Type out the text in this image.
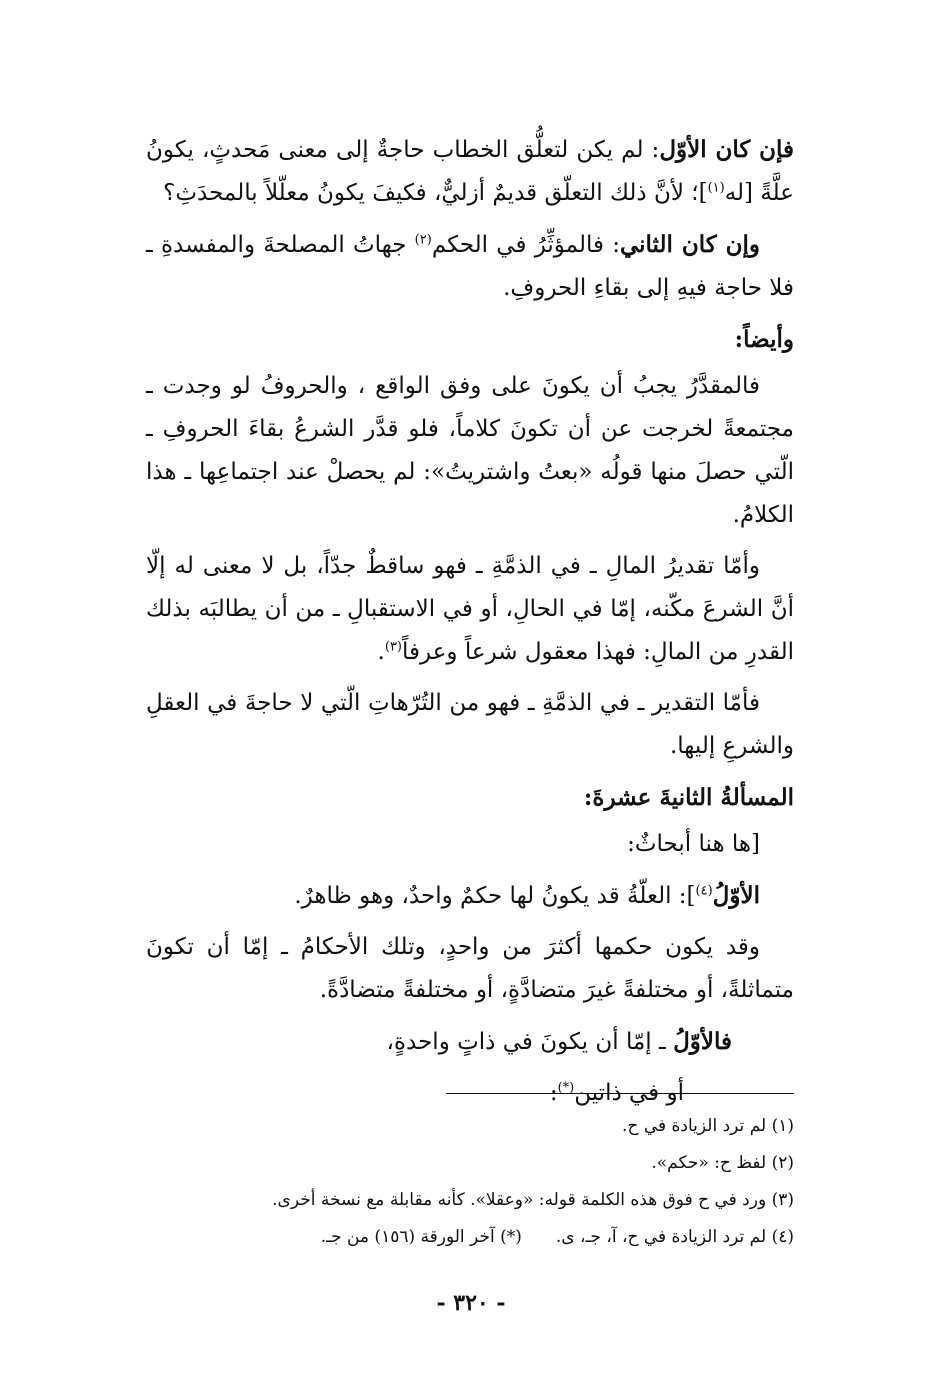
فإن كان الأوّل: لم يكن لتعلُّق الخطاب حاجةٌ إلى معنى مَحدثٍ، يكونُ علَّةً [له$^{(١)}$]؛ لأنَّ ذلك التعلّق قديمٌ أزليٌّ، فكيفَ يكونُ معلّلاً بالمحدَثِ؟

وإن كان الثاني: فالمؤثِّرُ في الحكم$^{(٢)}$ جهاتُ المصلحةَ والمفسدةِ ـ فلا حاجة فيهِ إلى بقاءِ الحروفِ.

وأيضاً:

فالمقدَّرُ يجبُ أن يكونَ على وفق الواقع ، والحروفُ لو وجدت ـ مجتمعةً لخرجت عن أن تكونَ كلاماً، فلو قدَّر الشرعُ بقاءَ الحروفِ ـ الّتي حصلَ منها قولُه «بعتُ واشتريتُ»: لم يحصلْ عند اجتماعِها ـ هذا الكلامُ.

وأمّا تقديرُ المالِ ـ في الذمَّةِ ـ فهو ساقطٌ جدّاً، بل لا معنى له إلّا أنَّ الشرعَ مكّنه، إمّا في الحالِ، أو في الاستقبالِ ـ من أن يطالبَه بذلك القدرِ من المالِ: فهذا معقول شرعاً وعرفاً$^{(٣)}$.

فأمّا التقدير ـ في الذمَّةِ ـ فهو من التُرّهاتِ الّتي لا حاجةَ في العقلِ والشرعِ إليها.

المسألةُ الثانيةَ عشرةَ:

[ها هنا أبحاثٌ:

الأوّلُ$^{(٤)}$]: العلّةُ قد يكونُ لها حكمٌ واحدٌ، وهو ظاهرٌ.

وقد يكون حكمها أكثرَ من واحدٍ، وتلك الأحكامُ ـ إمّا أن تكونَ متماثلةً، أو مختلفةً غيرَ متضادَّةٍ، أو مختلفةً متضادَّةً.

فالأوّلُ ـ إمّا أن يكونَ في ذاتٍ واحدةٍ،

أو في ذاتين(*):

(١) لم ترد الزيادة في ح.
(٢) لفظ ح: «حكم».
(٣) ورد في ح فوق هذه الكلمة قوله: «وعقلا». كأنه مقابلة مع نسخة أخرى.
(٤) لم ترد الزيادة في ح، آ، جـ، ى.(*) آخر الورقة (١٥٦) من جـ.
- ٣٢٠ -
